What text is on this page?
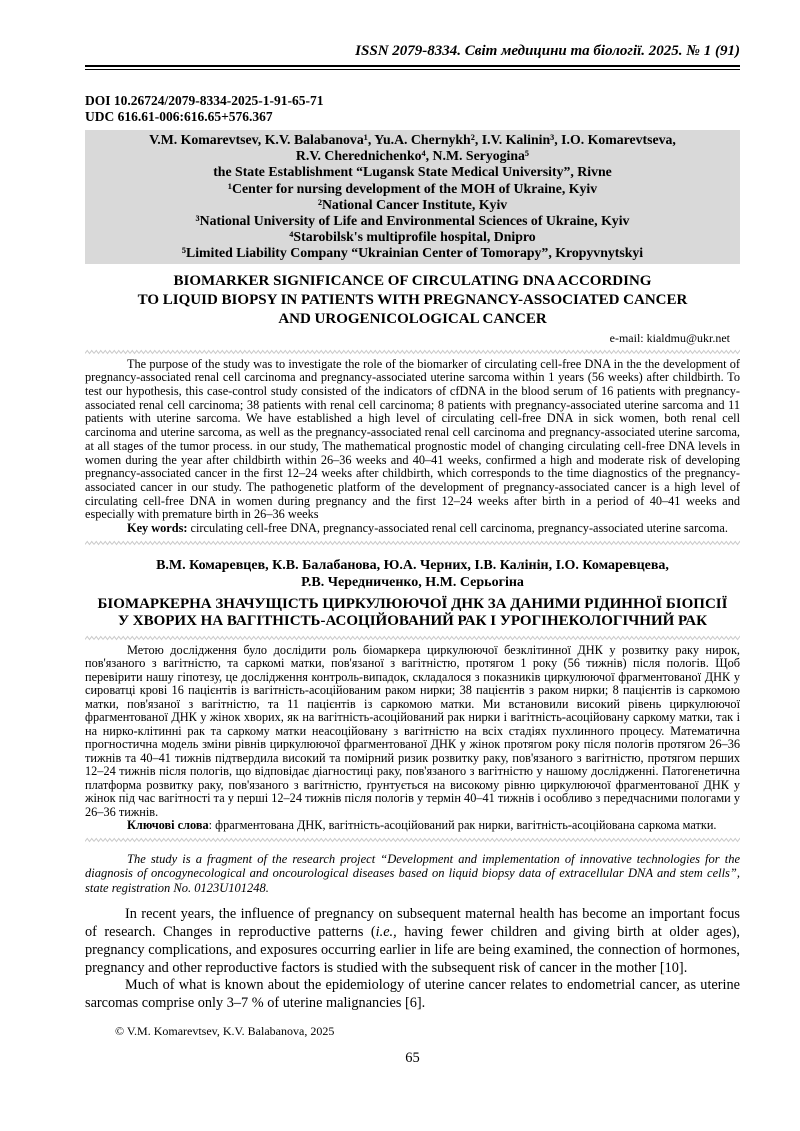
ISSN 2079-8334. Світ медицини та біології. 2025. № 1 (91)
DOI 10.26724/2079-8334-2025-1-91-65-71
UDC 616.61-006:616.65+576.367
V.M. Komarevtsev, K.V. Balabanova¹, Yu.A. Chernykh², I.V. Kalinin³, I.O. Komarevtseva,
R.V. Cherednichenko⁴, N.M. Seryogina⁵
the State Establishment “Lugansk State Medical University”, Rivne
¹Center for nursing development of the MOH of Ukraine, Kyiv
²National Cancer Institute, Kyiv
³National University of Life and Environmental Sciences of Ukraine, Kyiv
⁴Starobilsk's multiprofile hospital, Dnipro
⁵Limited Liability Company “Ukrainian Center of Tomorapy”, Kropyvnytskyi
BIOMARKER SIGNIFICANCE OF CIRCULATING DNA ACCORDING
TO LIQUID BIOPSY IN PATIENTS WITH PREGNANCY-ASSOCIATED CANCER
AND UROGENICOLOGICAL CANCER
e-mail: kialdmu@ukr.net

The purpose of the study was to investigate the role of the biomarker of circulating cell-free DNA in the the development of pregnancy-associated renal cell carcinoma and pregnancy-associated uterine sarcoma within 1 years (56 weeks) after childbirth. To test our hypothesis, this case-control study consisted of the indicators of cfDNA in the blood serum of 16 patients with pregnancy-associated renal cell carcinoma; 38 patients with renal cell carcinoma; 8 patients with pregnancy-associated uterine sarcoma and 11 patients with uterine sarcoma. We have established a high level of circulating cell-free DNA in sick women, both renal cell carcinoma and uterine sarcoma, as well as the pregnancy-associated renal cell carcinoma and pregnancy-associated uterine sarcoma, at all stages of the tumor process. in our study, The mathematical prognostic model of changing circulating cell-free DNA levels in women during the year after childbirth within 26–36 weeks and 40–41 weeks, confirmed a high and moderate risk of developing pregnancy-associated cancer in the first 12–24 weeks after childbirth, which corresponds to the time diagnostics of the pregnancy-associated cancer in our study. The pathogenetic platform of the development of pregnancy-associated cancer is a high level of circulating cell-free DNA in women during pregnancy and the first 12–24 weeks after birth in a period of 40–41 weeks and especially with premature birth in 26–36 weeks

Key words: circulating cell-free DNA, pregnancy-associated renal cell carcinoma, pregnancy-associated uterine sarcoma.

В.М. Комаревцев, К.В. Балабанова, Ю.А. Черних, І.В. Калінін, І.О. Комаревцева,
Р.В. Чередниченко, Н.М. Серьогіна
БІОМАРКЕРНА ЗНАЧУЩІСТЬ ЦИРКУЛЮЮЧОЇ ДНК ЗА ДАНИМИ РІДИННОЇ БІОПСІЇ
У ХВОРИХ НА ВАГІТНІСТЬ-АСОЦІЙОВАНИЙ РАК І УРОГІНЕКОЛОГІЧНИЙ РАК

Метою дослідження було дослідити роль біомаркера циркулюючої безклітинної ДНК у розвитку раку нирок, пов'язаного з вагітністю, та саркомі матки, пов'язаної з вагітністю, протягом 1 року (56 тижнів) після пологів. Щоб перевірити нашу гіпотезу, це дослідження контроль-випадок, складалося з показників циркулюючої фрагментованої ДНК у сироватці крові 16 пацієнтів із вагітність-асоційованим раком нирки; 38 пацієнтів з раком нирки; 8 пацієнтів із саркомою матки, пов'язаної з вагітністю, та 11 пацієнтів із саркомою матки. Ми встановили високий рівень циркулюючої фрагментованої ДНК у жінок хворих, як на вагітність-асоційований рак нирки і вагітність-асоційовану саркому матки, так і на нирко-клітинні рак та саркому матки неасоційовану з вагітністю на всіх стадіях пухлинного процесу. Математична прогностична модель зміни рівнів циркулюючої фрагментованої ДНК у жінок протягом року після пологів протягом 26–36 тижнів та 40–41 тижнів підтвердила високий та помірний ризик розвитку раку, пов'язаного з вагітністю, протягом перших 12–24 тижнів після пологів, що відповідає діагностиці раку, пов'язаного з вагітністю у нашому дослідженні. Патогенетична платформа розвитку раку, пов'язаного з вагітністю, ґрунтується на високому рівню циркулюючої фрагментованої ДНК у жінок під час вагітності та у перші 12–24 тижнів після пологів у термін 40–41 тижнів і особливо з передчасними пологами у 26–36 тижнів.

Ключові слова: фрагментована ДНК, вагітність-асоційований рак нирки, вагітність-асоційована саркома матки.

The study is a fragment of the research project “Development and implementation of innovative technologies for the diagnosis of oncogynecological and oncourological diseases based on liquid biopsy data of extracellular DNA and stem cells”, state registration No. 0123U101248.

In recent years, the influence of pregnancy on subsequent maternal health has become an important focus of research. Changes in reproductive patterns (i.e., having fewer children and giving birth at older ages), pregnancy complications, and exposures occurring earlier in life are being examined, the connection of hormones, pregnancy and other reproductive factors is studied with the subsequent risk of cancer in the mother [10].

Much of what is known about the epidemiology of uterine cancer relates to endometrial cancer, as uterine sarcomas comprise only 3–7 % of uterine malignancies [6].

© V.M. Komarevtsev, K.V. Balabanova, 2025
65
